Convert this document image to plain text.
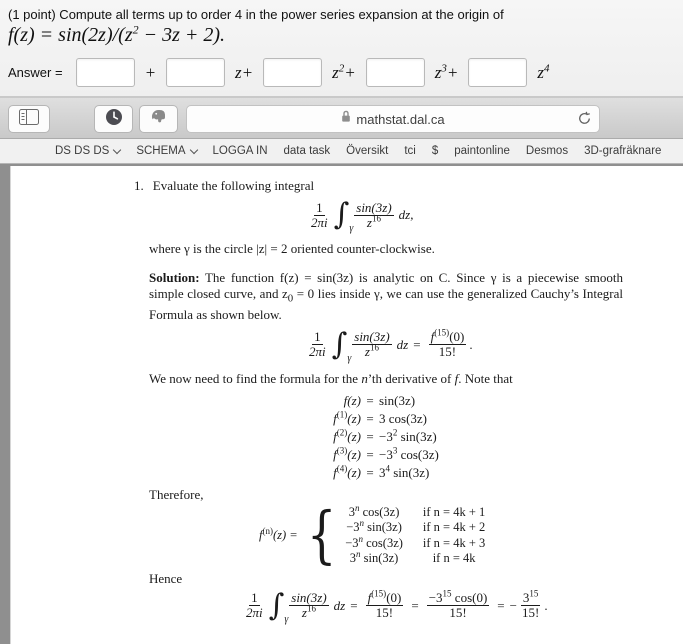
(1 point) Compute all terms up to order 4 in the power series expansion at the origin of
$f(z) = \sin(2z)/(z^2 - 3z + 2)$.
Answer =	+	z+	$z^2+$	$z^3+$	$z^4$
mathstat.dal.ca
DS DS DS SCHEMA LOGGA IN data task Översikt tci $ paintonline Desmos 3D-grafräknare
1. Evaluate the following integral
$\frac{1}{2\pi i}$ ∫ γ $\frac{\sin(3z)}{z^{16}}$ dz,
where γ is the circle |z| = 2 oriented counter-clockwise.
Solution: The function f(z) = sin(3z) is analytic on C. Since γ is a piecewise smooth simple closed curve, and $z_0 = 0$ lies inside γ, we can use the generalized Cauchy’s Integral Formula as shown below.
$\frac{1}{2\pi i}$ ∫ γ $\frac{\sin(3z)}{z^{16}}$ dz = $\frac{f^{(15)}(0)}{15!}$ .
We now need to find the formula for the n’th derivative of f. Note that
f(z) = sin(3z)
$f^{(1)}(z) = 3$ cos(3z)
$f^{(2)}(z) = -3^2$ sin(3z)
$f^{(3)}(z) = -3^3$ cos(3z)
$f^{(4)}(z) = 3^4$ sin(3z)
Therefore,
$f^{(n)}(z)$ = { 3$^n$ cos(3z) if n = 4k + 1
$-3^n$ sin(3z) if n = 4k + 2
$-3^n$ cos(3z) if n = 4k + 3
3$^n$ sin(3z)	if n = 4k
Hence
$\frac{1}{2\pi i}$ ∫ γ $\frac{\sin(3z)}{z^{16}}$ dz = $\frac{f^{(15)}(0)}{15!} = \frac{-3^{15} \cos(0)}{15!}$ = − $\frac{3^{15}}{15!}$ .
